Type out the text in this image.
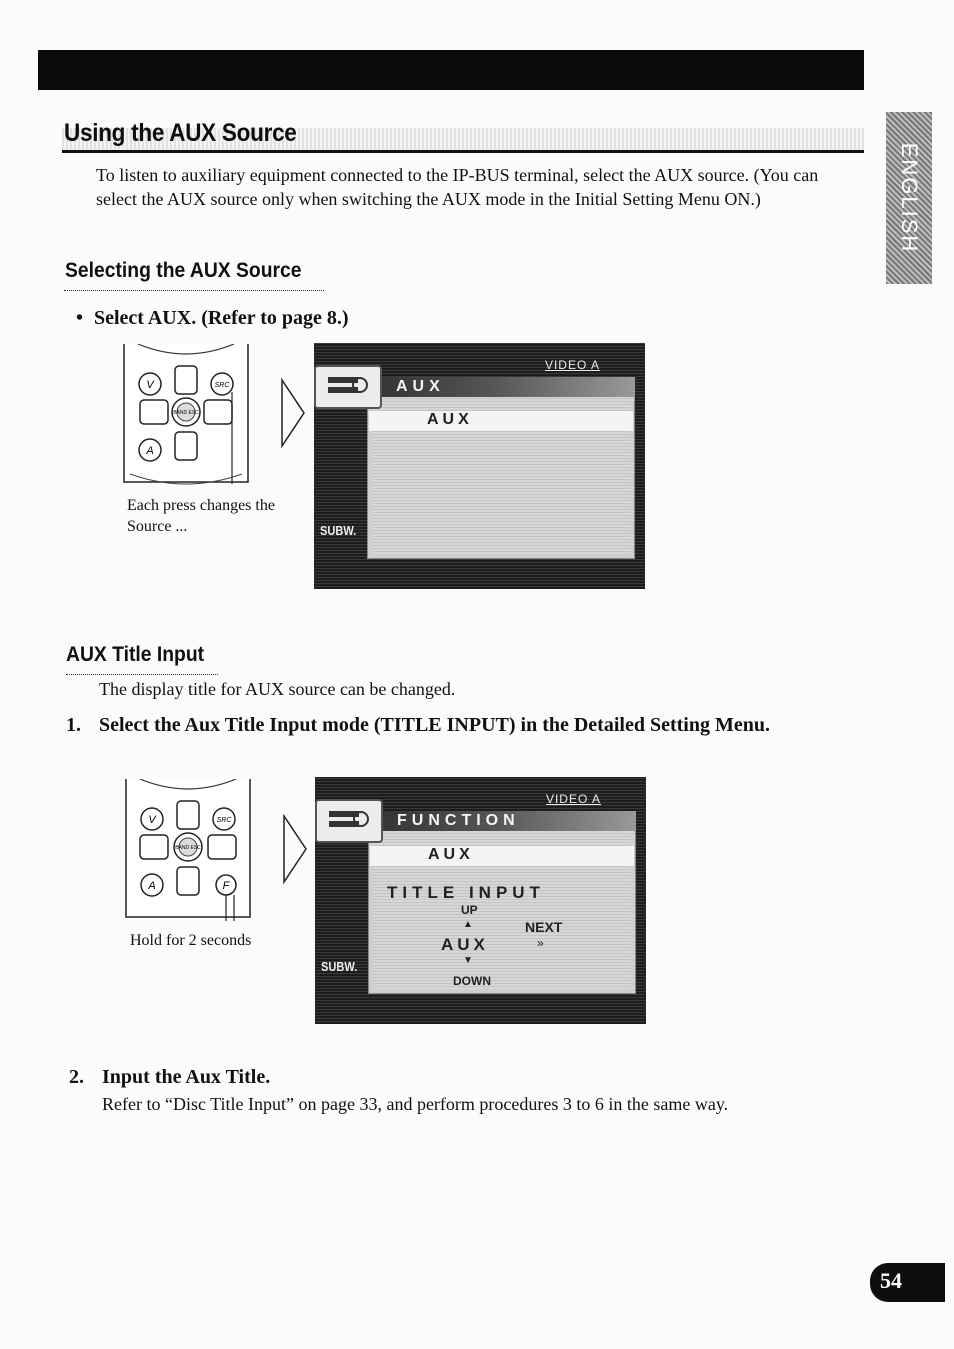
Using the AUX Source
To listen to auxiliary equipment connected to the IP-BUS terminal, select the AUX source. (You can select the AUX source only when switching the AUX mode in the Initial Setting Menu ON.)	ENGLISH
Selecting the AUX Source
• Select AUX. (Refer to page 8.)
V	SRC
BAND ESC
A
Each press changes the Source ...
AUX
VIDEO A
AUX
SUBW.
AUX Title Input
The display title for AUX source can be changed.
1. Select the Aux Title Input mode (TITLE INPUT) in the Detailed Setting Menu.
V	SRC
BAND ESC
A	F
Hold for 2 seconds
FUNCTION
VIDEO A
AUX
TITLE INPUT
UP
▲	NEXT
»
AUX
▼
DOWN
SUBW.
2. Input the Aux Title.
Refer to “Disc Title Input” on page 33, and perform procedures 3 to 6 in the same way.
54
